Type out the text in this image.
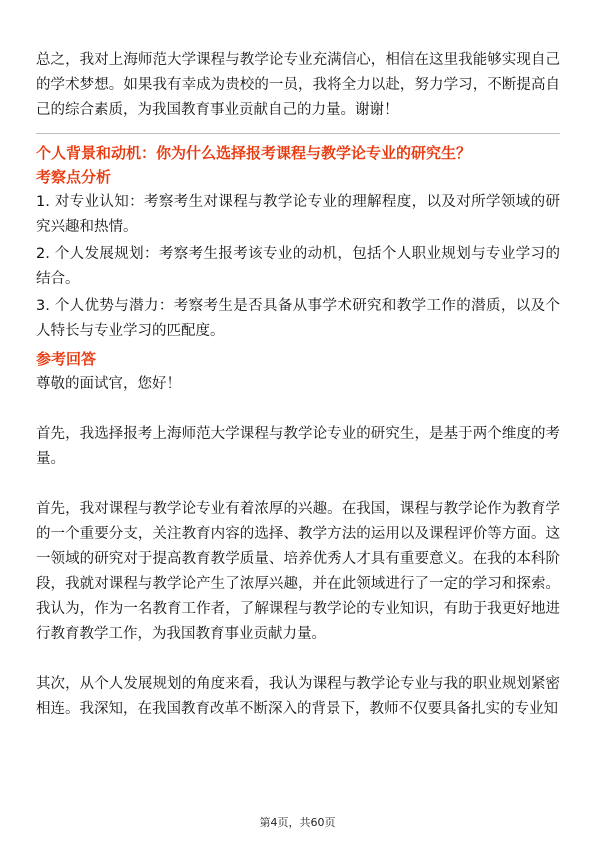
总之，我对上海师范大学课程与教学论专业充满信心，相信在这里我能够实现自己的学术梦想。如果我有幸成为贵校的一员，我将全力以赴，努力学习，不断提高自己的综合素质，为我国教育事业贡献自己的力量。谢谢！

个人背景和动机：你为什么选择报考课程与教学论专业的研究生？

考察点分析

1. 对专业认知：考察考生对课程与教学论专业的理解程度，以及对所学领域的研究兴趣和热情。

2. 个人发展规划：考察考生报考该专业的动机，包括个人职业规划与专业学习的结合。

3. 个人优势与潜力：考察考生是否具备从事学术研究和教学工作的潜质，以及个人特长与专业学习的匹配度。

参考回答

尊敬的面试官，您好！

首先，我选择报考上海师范大学课程与教学论专业的研究生，是基于两个维度的考量。

首先，我对课程与教学论专业有着浓厚的兴趣。在我国，课程与教学论作为教育学的一个重要分支，关注教育内容的选择、教学方法的运用以及课程评价等方面。这一领域的研究对于提高教育教学质量、培养优秀人才具有重要意义。在我的本科阶段，我就对课程与教学论产生了浓厚兴趣，并在此领域进行了一定的学习和探索。我认为，作为一名教育工作者，了解课程与教学论的专业知识，有助于我更好地进行教育教学工作，为我国教育事业贡献力量。

其次，从个人发展规划的角度来看，我认为课程与教学论专业与我的职业规划紧密相连。我深知，在我国教育改革不断深入的背景下，教师不仅要具备扎实的专业知

第4页，共60页
